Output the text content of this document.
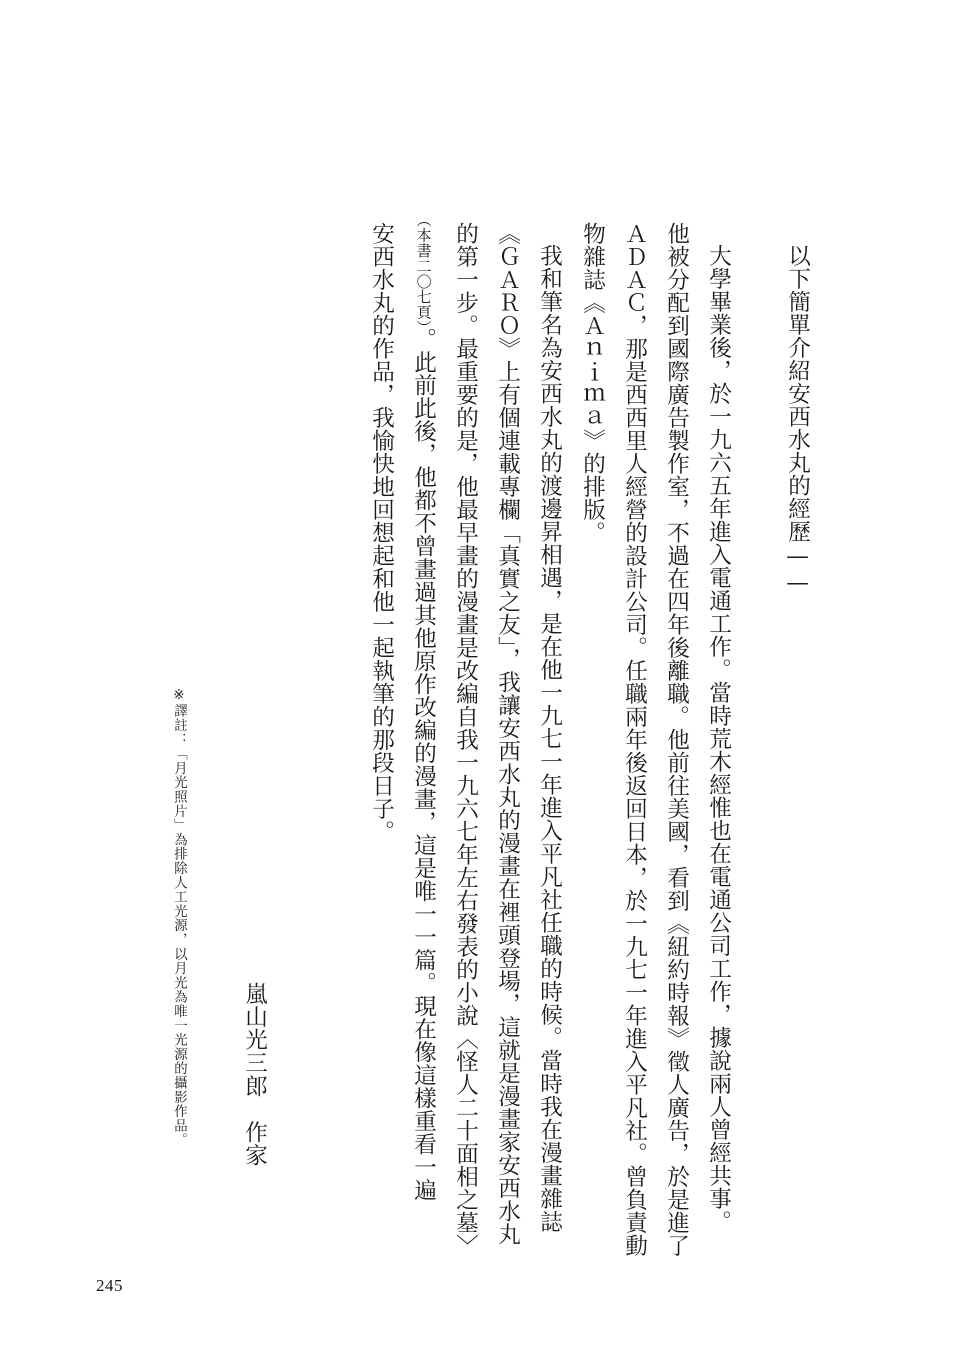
以下簡單介紹安西水丸的經歷——
大學畢業後，於一九六五年進入電通工作。當時荒木經惟也在電通公司工作，據說兩人曾經共事。
他被分配到國際廣告製作室，不過在四年後離職。他前往美國，看到《紐約時報》徵人廣告，於是進了
ＡＤＡＣ，那是西西里人經營的設計公司。任職兩年後返回日本，於一九七一年進入平凡社。曾負責動
物雜誌《Ａｎｉｍａ》的排版。
我和筆名為安西水丸的渡邊昇相遇，是在他一九七一年進入平凡社任職的時候。當時我在漫畫雜誌
《ＧＡＲＯ》上有個連載專欄「真實之友」，我讓安西水丸的漫畫在裡頭登場，這就是漫畫家安西水丸
的第一步。最重要的是，他最早畫的漫畫是改編自我一九六七年左右發表的小說〈怪人二十面相之墓〉
（本書二〇七頁）。此前此後，他都不曾畫過其他原作改編的漫畫，這是唯一一篇。現在像這樣重看一遍
安西水丸的作品，我愉快地回想起和他一起執筆的那段日子。
嵐山光三郎　作家
※譯註：「月光照片」為排除人工光源，以月光為唯一光源的攝影作品。
245
